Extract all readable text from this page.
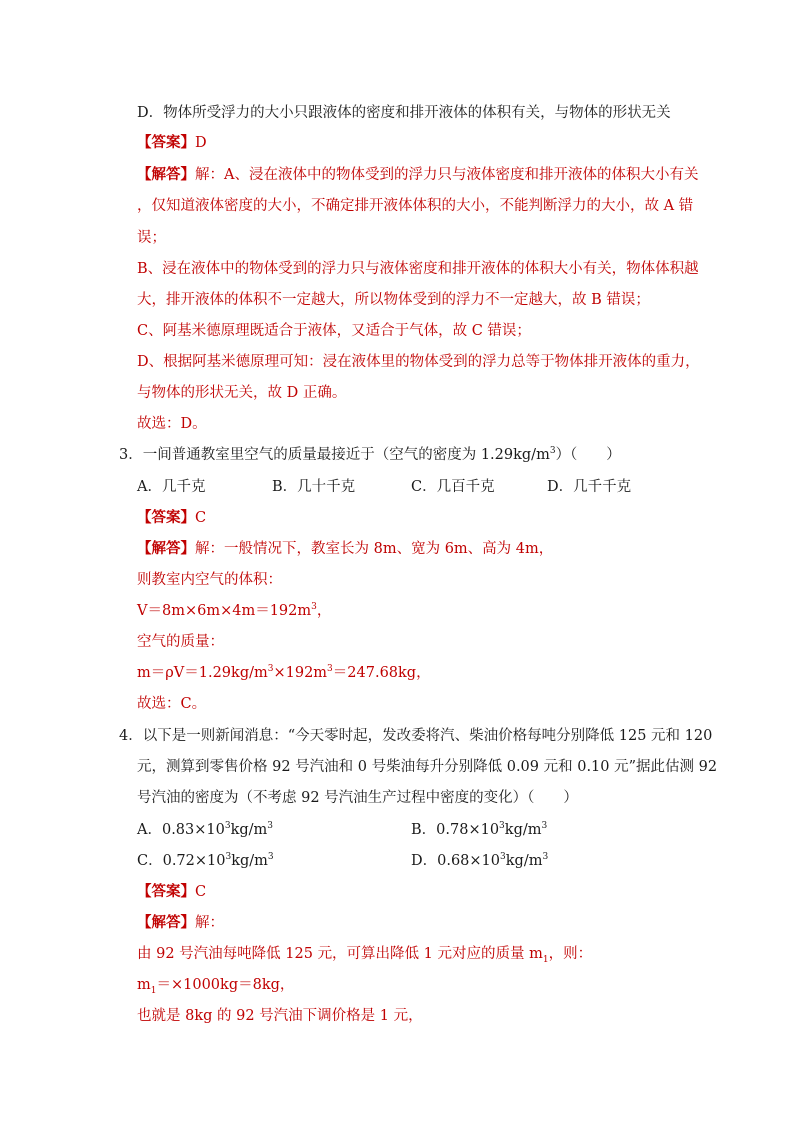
D．物体所受浮力的大小只跟液体的密度和排开液体的体积有关，与物体的形状无关
【答案】D
【解答】解：A、浸在液体中的物体受到的浮力只与液体密度和排开液体的体积大小有关
，仅知道液体密度的大小，不确定排开液体体积的大小，不能判断浮力的大小，故 A 错
误；
B、浸在液体中的物体受到的浮力只与液体密度和排开液体的体积大小有关，物体体积越
大，排开液体的体积不一定越大，所以物体受到的浮力不一定越大，故 B 错误；
C、阿基米德原理既适合于液体，又适合于气体，故 C 错误；
D、根据阿基米德原理可知：浸在液体里的物体受到的浮力总等于物体排开液体的重力，
与物体的形状无关，故 D 正确。
故选：D。
3．一间普通教室里空气的质量最接近于（空气的密度为 $1.29kg/m^3$）（　　）
A．几千克	B．几十千克	C．几百千克	D．几千千克
【答案】C
【解答】解：一般情况下，教室长为 8m、宽为 6m、高为 4m，
则教室内空气的体积：
$V=8m\times 6m\times 4m=192m^3$，
空气的质量：
$m=\rho V=1.29kg/m^3\times 192m^3=247.68kg$，
故选：C。
4．以下是一则新闻消息：“今天零时起，发改委将汽、柴油价格每吨分别降低 125 元和 120
元，测算到零售价格 92 号汽油和 0 号柴油每升分别降低 0.09 元和 0.10 元”据此估测 92
号汽油的密度为（不考虑 92 号汽油生产过程中密度的变化）（　　）
A．$0.83\times 10^3kg/m^3$	B．$0.78\times 10^3kg/m^3$
C．$0.72\times 10^3kg/m^3$	D．$0.68\times 10^3kg/m^3$
【答案】C
【解答】解：
由 92 号汽油每吨降低 125 元，可算出降低 1 元对应的质量 $m_1$，则：
$m_1=\times 1000kg=8kg$，
也就是 8kg 的 92 号汽油下调价格是 1 元，
